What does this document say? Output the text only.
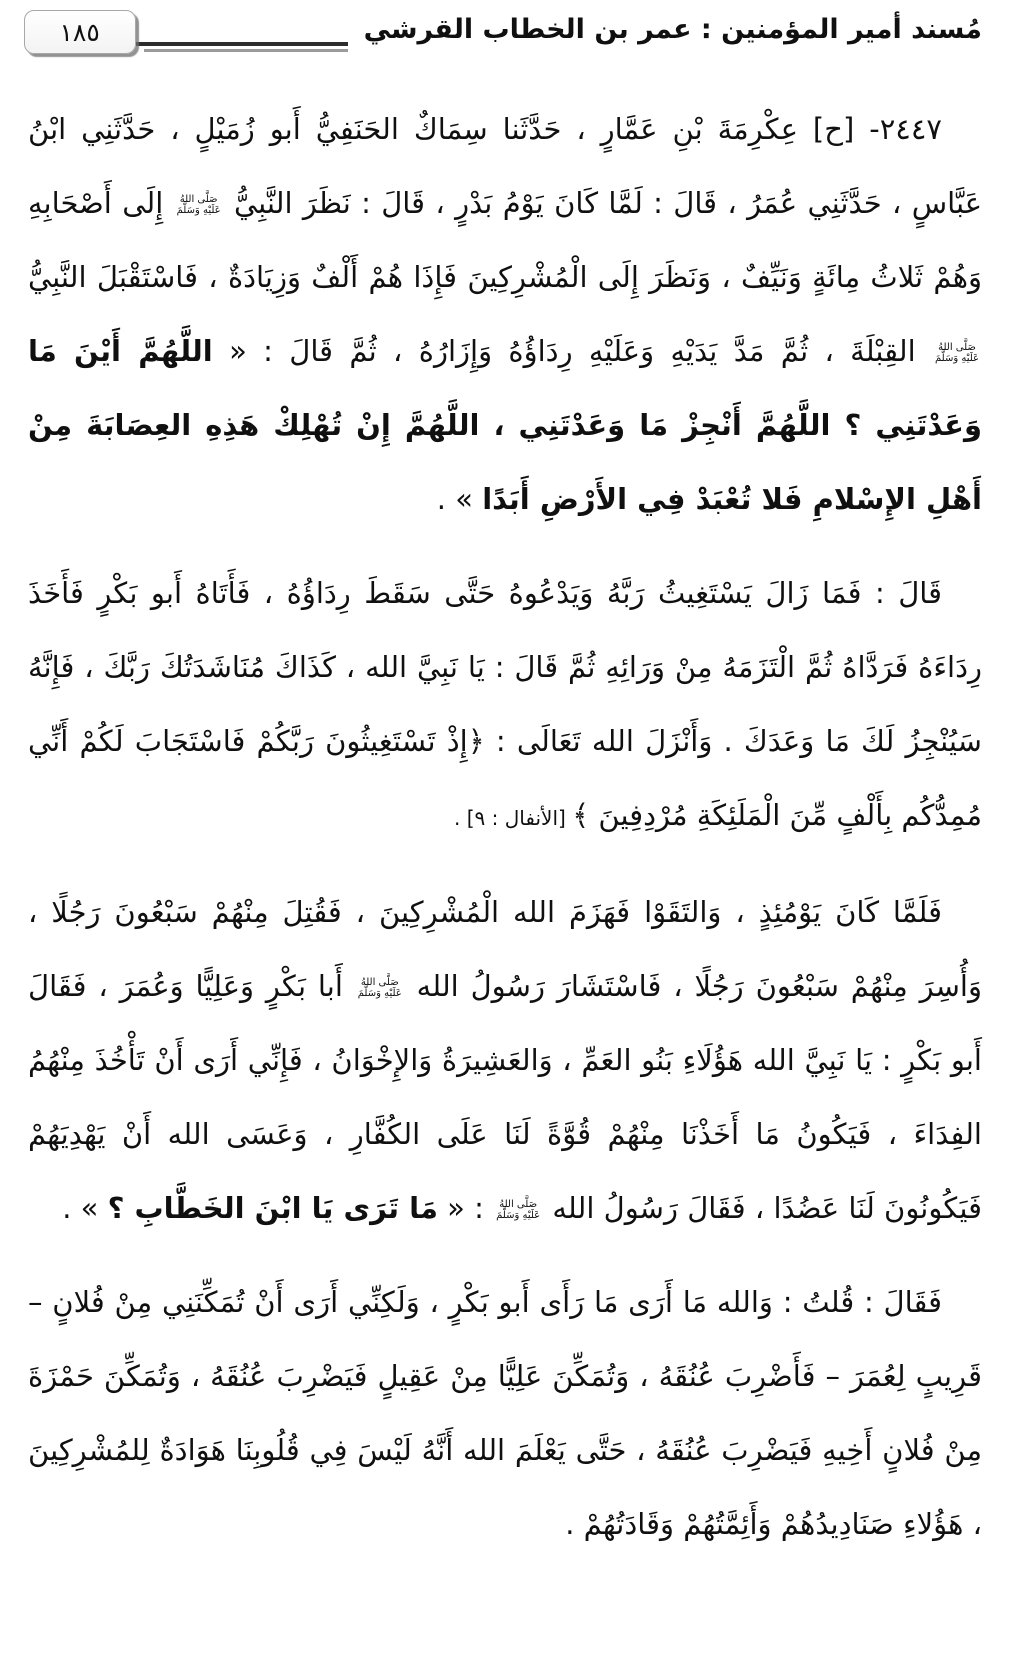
مُسند أمير المؤمنين : عمر بن الخطاب القرشي
١٨٥

٢٤٤٧- [ح] عِكْرِمَةَ بْنِ عَمَّارٍ ، حَدَّثَنا سِمَاكٌ الحَنَفِيُّ أَبو زُمَيْلٍ ، حَدَّثَنِي ابْنُ عَبَّاسٍ ، حَدَّثَنِي عُمَرُ ، قَالَ : لَمَّا كَانَ يَوْمُ بَدْرٍ ، قَالَ : نَظَرَ النَّبِيُّ
صَلَّى اللهُ
عَلَيْهِ وَسَلَّمَ
إِلَى أَصْحَابِهِ وَهُمْ ثَلاثُ مِائَةٍ وَنَيِّفٌ ، وَنَظَرَ إِلَى الْمُشْرِكِينَ فَإِذَا هُمْ أَلْفٌ وَزِيَادَةٌ ، فَاسْتَقْبَلَ النَّبِيُّ
صَلَّى اللهُ
عَلَيْهِ وَسَلَّمَ
القِبْلَةَ ، ثُمَّ مَدَّ يَدَيْهِ وَعَلَيْهِ رِدَاؤُهُ وَإِزَارُهُ ، ثُمَّ قَالَ : « اللَّهُمَّ أَيْنَ مَا وَعَدْتَنِي ؟ اللَّهُمَّ أَنْجِزْ مَا وَعَدْتَنِي ، اللَّهُمَّ إِنْ تُهْلِكْ هَذِهِ العِصَابَةَ مِنْ أَهْلِ الإِسْلامِ فَلا تُعْبَدْ فِي الأَرْضِ أَبَدًا » .

قَالَ : فَمَا زَالَ يَسْتَغِيثُ رَبَّهُ وَيَدْعُوهُ حَتَّى سَقَطَ رِدَاؤُهُ ، فَأَتَاهُ أَبو بَكْرٍ فَأَخَذَ رِدَاءَهُ فَرَدَّاهُ ثُمَّ الْتَزَمَهُ مِنْ وَرَائِهِ ثُمَّ قَالَ : يَا نَبِيَّ الله ، كَذَاكَ مُنَاشَدَتُكَ رَبَّكَ ، فَإِنَّهُ سَيُنْجِزُ لَكَ مَا وَعَدَكَ . وَأَنْزَلَ الله تَعَالَى : ﴿إِذْ تَسْتَغِيثُونَ رَبَّكُمْ فَاسْتَجَابَ لَكُمْ أَنِّي مُمِدُّكُم بِأَلْفٍ مِّنَ الْمَلَئِكَةِ مُرْدِفِينَ ﴾ [الأنفال : ٩] .

فَلَمَّا كَانَ يَوْمُئِذٍ ، وَالتَقَوْا فَهَزَمَ الله الْمُشْرِكِينَ ، فَقُتِلَ مِنْهُمْ سَبْعُونَ رَجُلًا ، وَأُسِرَ مِنْهُمْ سَبْعُونَ رَجُلًا ، فَاسْتَشَارَ رَسُولُ الله
صَلَّى اللهُ
عَلَيْهِ وَسَلَّمَ
أَبا بَكْرٍ وَعَلِيًّا وَعُمَرَ ، فَقَالَ أَبو بَكْرٍ : يَا نَبِيَّ الله هَؤُلَاءِ بَنُو العَمِّ ، وَالعَشِيرَةُ وَالإِخْوَانُ ، فَإِنِّي أَرَى أَنْ تَأْخُذَ مِنْهُمُ الفِدَاءَ ، فَيَكُونُ مَا أَخَذْنَا مِنْهُمْ قُوَّةً لَنَا عَلَى الكُفَّارِ ، وَعَسَى الله أَنْ يَهْدِيَهُمْ فَيَكُونُونَ لَنَا عَضُدًا ، فَقَالَ رَسُولُ الله
صَلَّى اللهُ
عَلَيْهِ وَسَلَّمَ
: « مَا تَرَى يَا ابْنَ الخَطَّابِ ؟ » .

فَقَالَ : قُلتُ : وَالله مَا أَرَى مَا رَأَى أَبو بَكْرٍ ، وَلَكِنِّي أَرَى أَنْ تُمَكِّنَنِي مِنْ فُلانٍ – قَرِيبٍ لِعُمَرَ – فَأَضْرِبَ عُنُقَهُ ، وَتُمَكِّنَ عَلِيًّا مِنْ عَقِيلٍ فَيَضْرِبَ عُنُقَهُ ، وَتُمَكِّنَ حَمْزَةَ مِنْ فُلانٍ أَخِيهِ فَيَضْرِبَ عُنُقَهُ ، حَتَّى يَعْلَمَ الله أَنَّهُ لَيْسَ فِي قُلُوبِنَا هَوَادَةٌ لِلمُشْرِكِينَ ، هَؤُلاءِ صَنَادِيدُهُمْ وَأَئِمَّتُهُمْ وَقَادَتُهُمْ .
